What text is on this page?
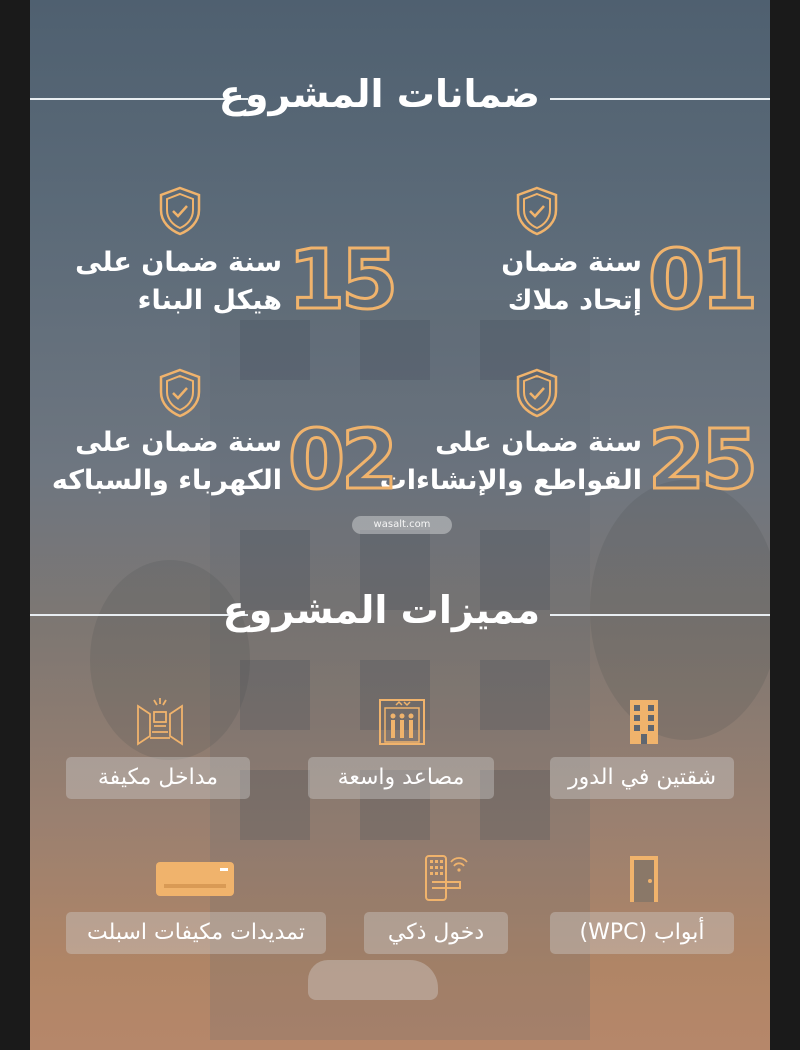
ضمانات المشروع
01
سنة ضمان
إتحاد ملاك
15
سنة ضمان على
هيكل البناء
25
سنة ضمان على
القواطع والإنشاءات
02
سنة ضمان على
الكهرباء والسباكه
wasalt.com
مميزات المشروع
شقتين في الدور
مصاعد واسعة
مداخل مكيفة
أبواب (WPC)
دخول ذكي
تمديدات مكيفات اسبلت
